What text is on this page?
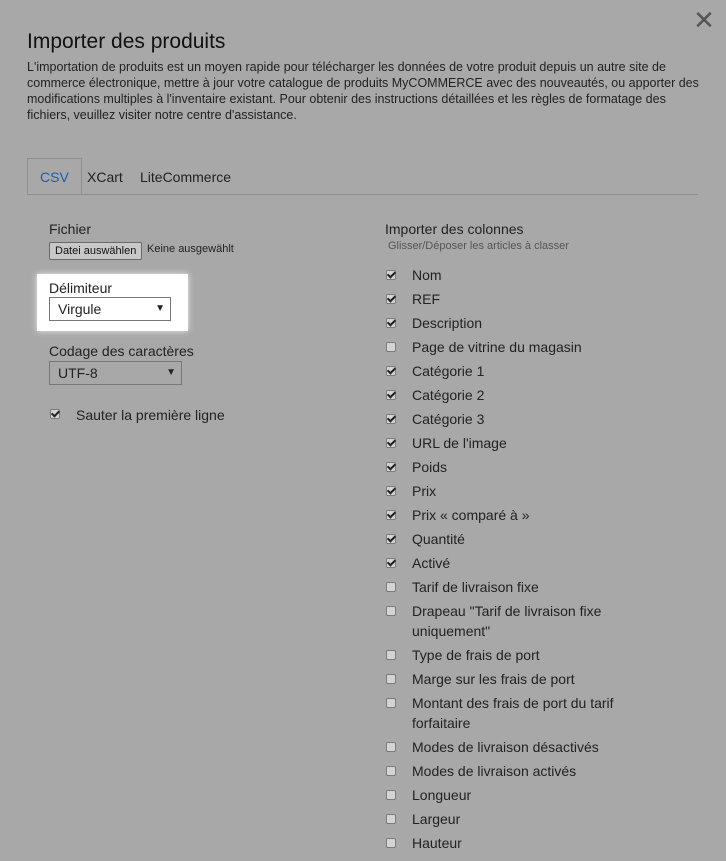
✕
Importer des produits

L'importation de produits est un moyen rapide pour télécharger les données de votre produit depuis un autre site de commerce électronique, mettre à jour votre catalogue de produits MyCOMMERCE avec des nouveautés, ou apporter des modifications multiples à l'inventaire existant. Pour obtenir des instructions détaillées et les règles de formatage des fichiers, veuillez visiter notre centre d'assistance.

CSV	XCart	LiteCommerce
Fichier
Datei auswählen Keine ausgewählt
Délimiteur
Virgule	▼
Codage des caractères
UTF-8	▼
Sauter la première ligne
Importer des colonnes
Glisser/Déposer les articles à classer
Nom
REF
Description
Page de vitrine du magasin
Catégorie 1
Catégorie 2
Catégorie 3
URL de l'image
Poids
Prix
Prix « comparé à »
Quantité
Activé
Tarif de livraison fixe
Drapeau "Tarif de livraison fixe uniquement"
Type de frais de port
Marge sur les frais de port
Montant des frais de port du tarif forfaitaire
Modes de livraison désactivés
Modes de livraison activés
Longueur
Largeur
Hauteur
